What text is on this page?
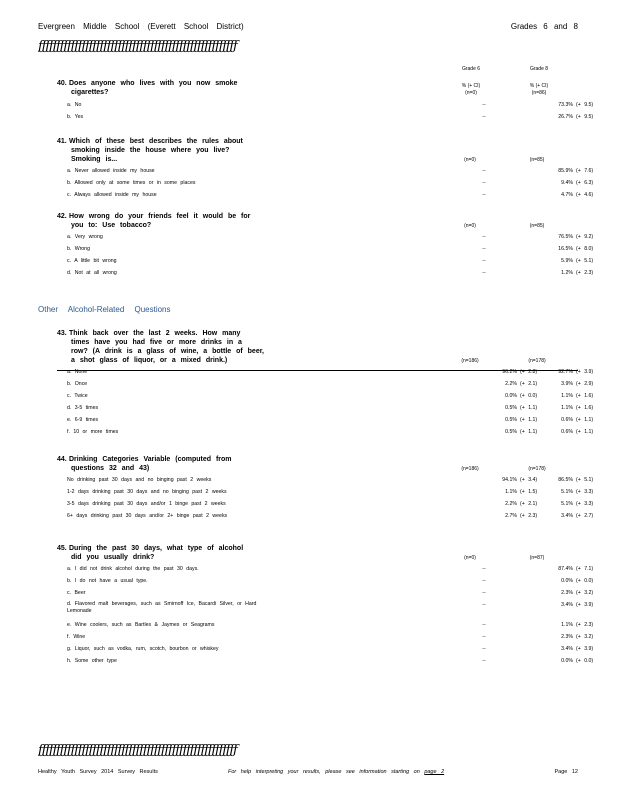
Evergreen Middle School (Everett School District)	Grades 6 and 8
ƒƒƒƒƒƒƒƒƒƒƒƒƒƒƒƒƒƒƒƒƒƒƒƒƒƒƒƒƒƒƒƒƒƒƒƒƒƒƒƒƒƒƒƒƒƒƒƒƒƒƒƒƒƒƒ
Grade 6	Grade 8
% (+ CI)	% (+ CI)
(n=0)	(n=86)
40. Does anyone who lives with you now smoke
cigarettes?
a. No	--	73.3% (+ 9.5)
b. Yes	--	26.7% (+ 9.5)
41. Which of these best describes the rules about
smoking inside the house where you live?
Smoking is...	(n=0)	(n=85)
a. Never allowed inside my house	--	85.9% (+ 7.6)
b. Allowed only at some times or in some places	--	9.4% (+ 6.3)
c. Always allowed inside my house	--	4.7% (+ 4.6)
42. How wrong do your friends feel it would be for
you to: Use tobacco?	(n=0)	(n=85)
a. Very wrong	--	76.5% (+ 9.2)
b. Wrong	--	16.5% (+ 8.0)
c. A little bit wrong	--	5.9% (+ 5.1)
d. Not at all wrong	--	1.2% (+ 2.3)
Other Alcohol-Related Questions
43. Think back over the last 2 weeks. How many
times have you had five or more drinks in a
row? (A drink is a glass of wine, a bottle of beer,
a shot glass of liquor, or a mixed drink.)	(n=186)	(n=178)
a. None	96.2% (+ 2.8)	92.7% (+ 3.9)
b. Once	2.2% (+ 2.1)	3.9% (+ 2.9)
c. Twice	0.0% (+ 0.0)	1.1% (+ 1.6)
d. 3-5 times	0.5% (+ 1.1)	1.1% (+ 1.6)
e. 6-9 times	0.5% (+ 1.1)	0.6% (+ 1.1)
f. 10 or more times	0.5% (+ 1.1)	0.6% (+ 1.1)
44. Drinking Categories Variable (computed from
questions 32 and 43)	(n=186)	(n=178)
No drinking past 30 days and no binging past 2 weeks	94.1% (+ 3.4)	86.5% (+ 5.1)
1-2 days drinking past 30 days and no binging past 2 weeks	1.1% (+ 1.5)	5.1% (+ 3.3)
3-5 days drinking past 30 days and/or 1 binge past 2 weeks	2.2% (+ 2.1)	5.1% (+ 3.3)
6+ days drinking past 30 days and/or 2+ binge past 2 weeks	2.7% (+ 2.3)	3.4% (+ 2.7)
45. During the past 30 days, what type of alcohol
did you usually drink?	(n=0)	(n=87)
a. I did not drink alcohol during the past 30 days.	--	87.4% (+ 7.1)
b. I do not have a usual type.	--	0.0% (+ 0.0)
c. Beer	--	2.3% (+ 3.2)
d. Flavored malt beverages, such as Smirnoff Ice, Bacardi Silver, or Hard Lemonade
--	3.4% (+ 3.9)
e. Wine coolers, such as Bartles & Jaymes or Seagrams	--	1.1% (+ 2.3)
f. Wine	--	2.3% (+ 3.2)
g. Liquor, such as vodka, rum, scotch, bourbon or whiskey	--	3.4% (+ 3.9)
h. Some other type	--	0.0% (+ 0.0)
ƒƒƒƒƒƒƒƒƒƒƒƒƒƒƒƒƒƒƒƒƒƒƒƒƒƒƒƒƒƒƒƒƒƒƒƒƒƒƒƒƒƒƒƒƒƒƒƒƒƒƒƒƒƒƒ
Healthy Youth Survey 2014 Survey Results	For help interpreting your results, please see information starting on page 2	Page 12
